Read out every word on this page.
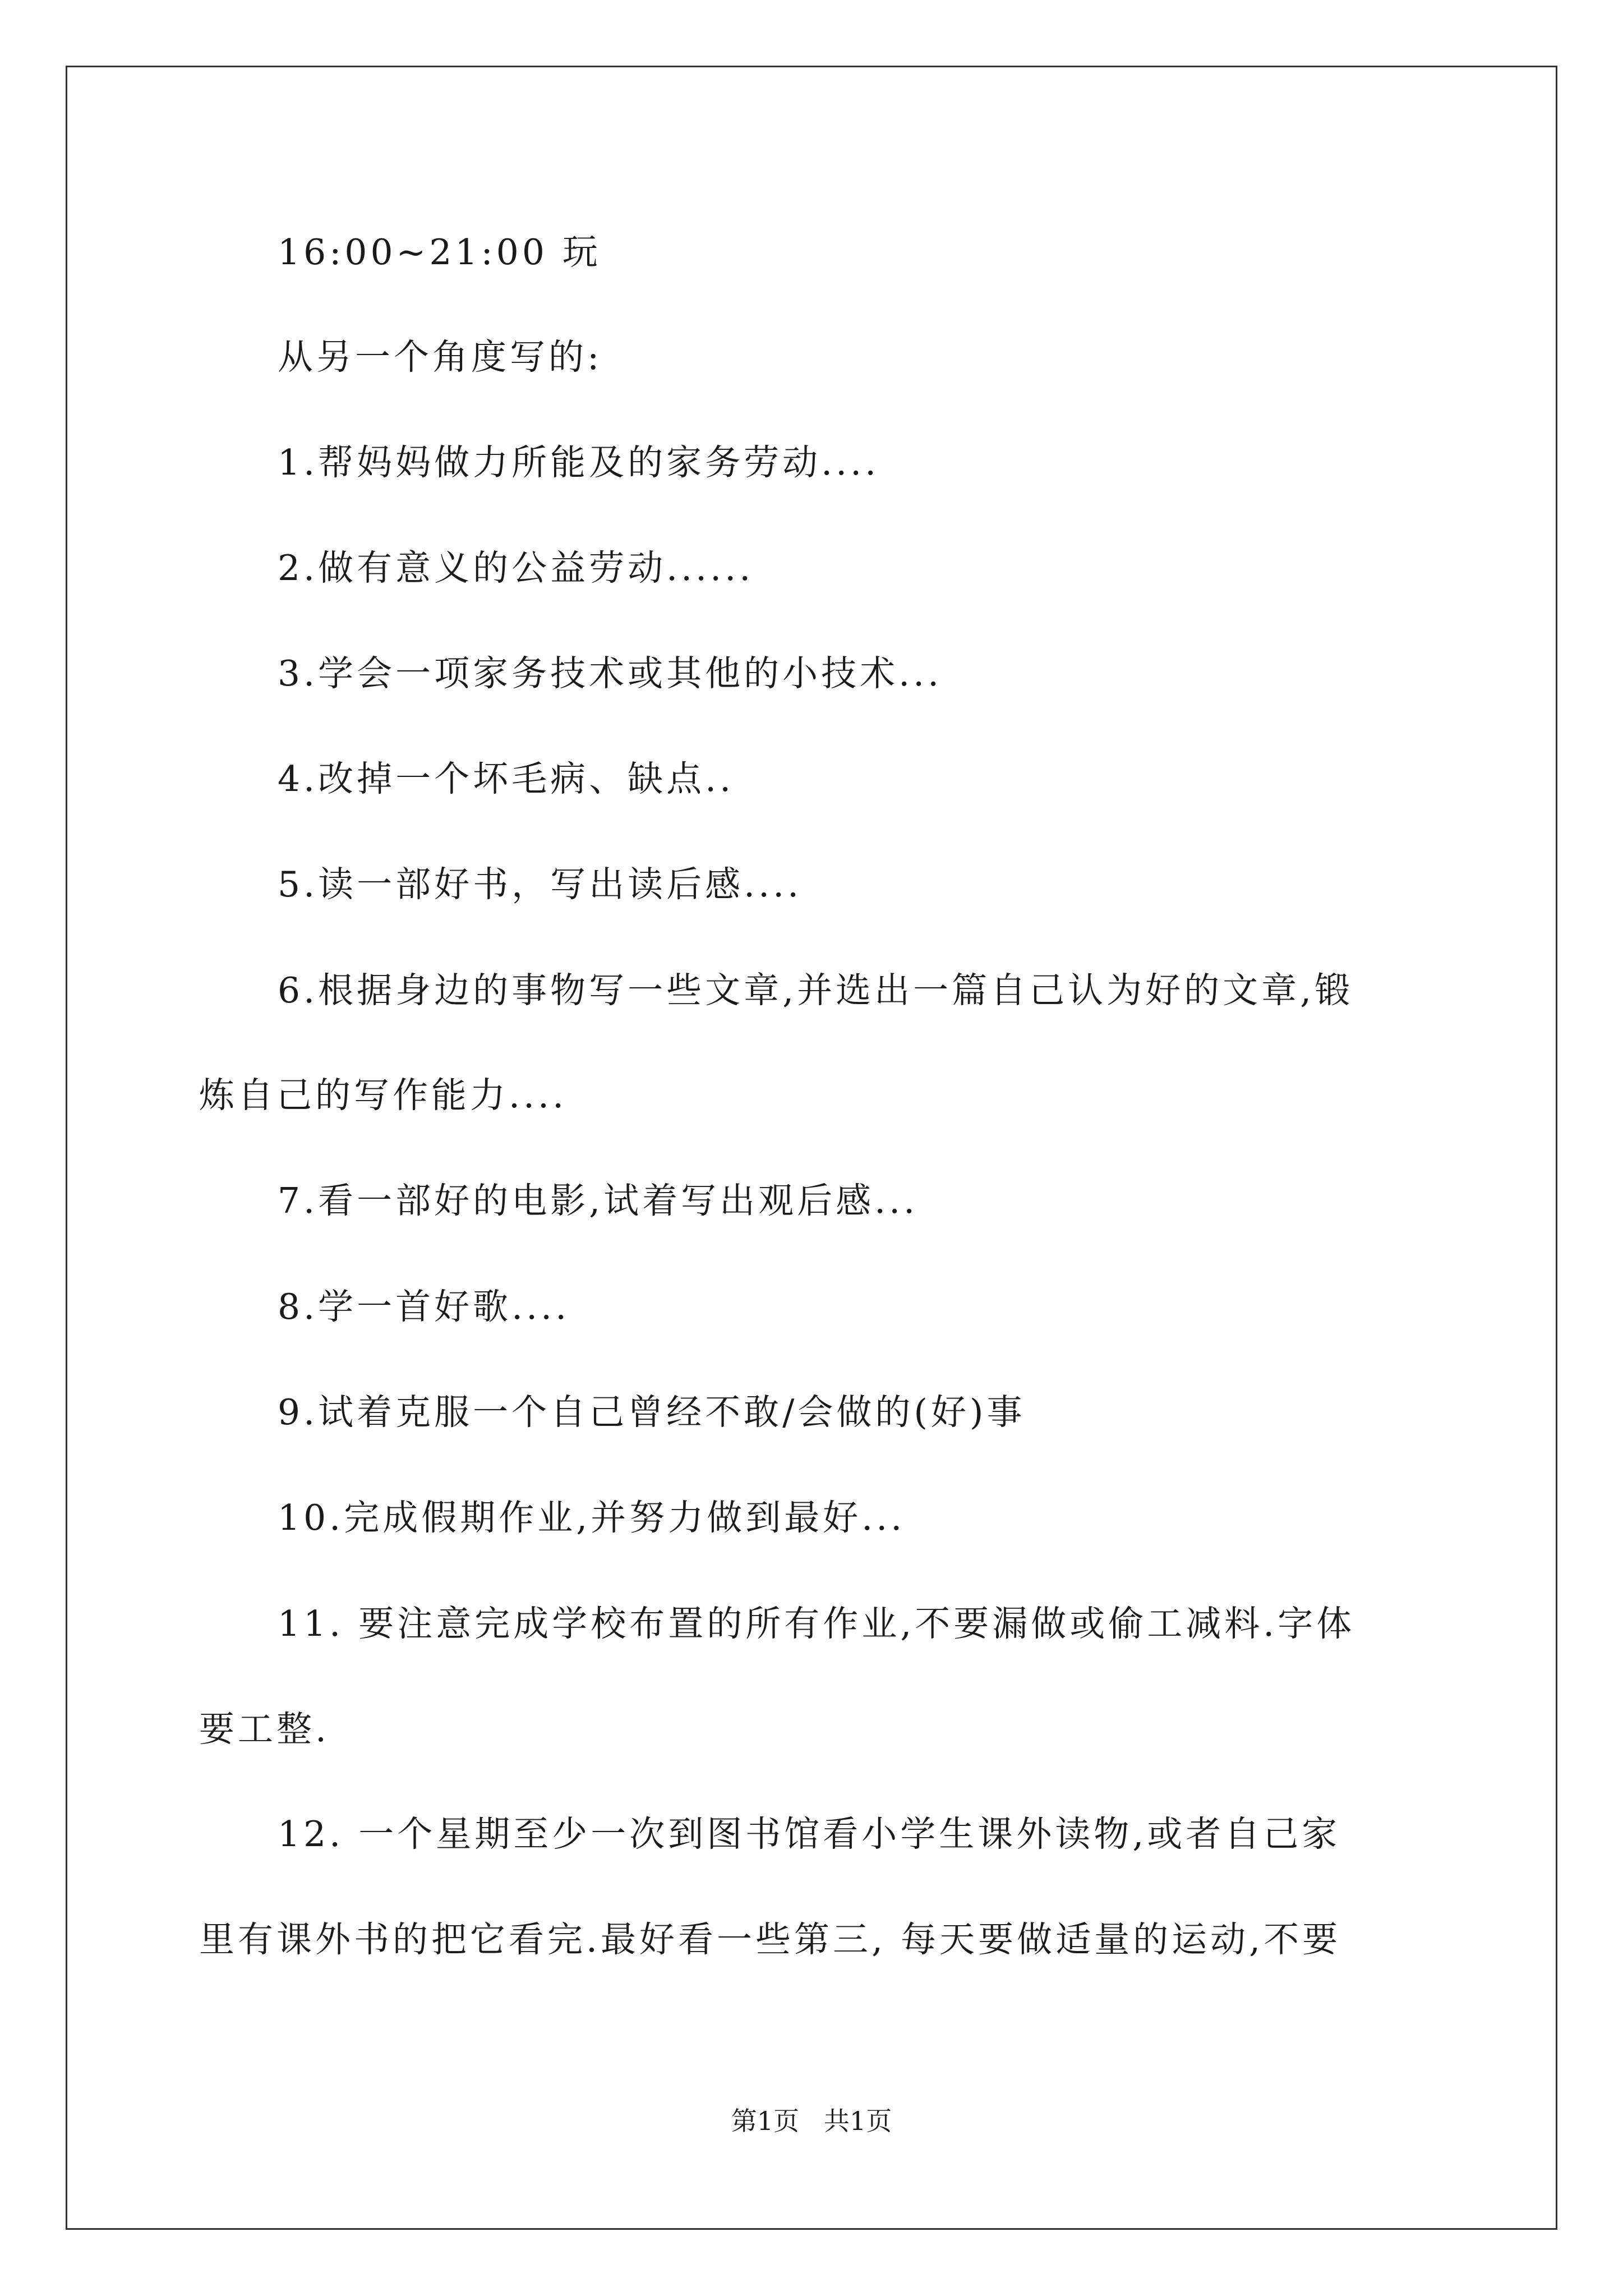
16:00~21:00 玩
从另一个角度写的:
1.帮妈妈做力所能及的家务劳动....
2.做有意义的公益劳动......
3.学会一项家务技术或其他的小技术...
4.改掉一个坏毛病、缺点..
5.读一部好书，写出读后感....
6.根据身边的事物写一些文章,并选出一篇自己认为好的文章,锻
炼自己的写作能力....
7.看一部好的电影,试着写出观后感...
8.学一首好歌....
9.试着克服一个自己曾经不敢/会做的(好)事
10.完成假期作业,并努力做到最好...
11. 要注意完成学校布置的所有作业,不要漏做或偷工减料.字体
要工整.
12. 一个星期至少一次到图书馆看小学生课外读物,或者自己家
里有课外书的把它看完.最好看一些第三, 每天要做适量的运动,不要
第1页   共1页
